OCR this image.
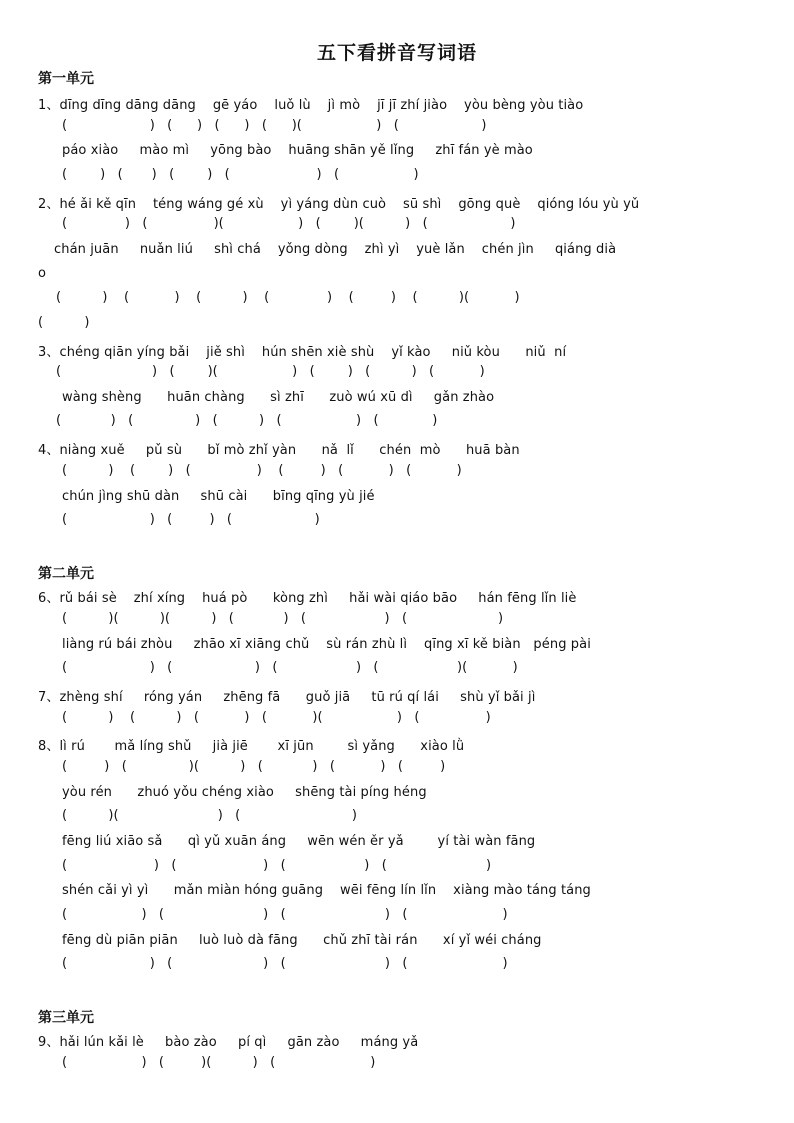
五下看拼音写词语
第一单元
1、dīng dīng dāng dāng    gē yáo    luǒ lù    jì mò    jī jī zhí jiào    yòu bèng yòu tiào
(                    )   (      )   (      )   (      )(                  )   (                    )
páo xiào     mào mì     yōng bào    huāng shān yě lǐng     zhī fán yè mào
(        )   (       )   (        )   (                     )   (                  )
2、hé ǎi kě qīn    téng wáng gé xù    yì yáng dùn cuò    sū shì    gōng què    qióng lóu yù yǔ
(              )   (                )(                  )   (        )(          )   (                    )
chán juān     nuǎn liú     shì chá    yǒng dòng    zhì yì    yuè lǎn    chén jìn     qiáng dià
o
(          )    (           )    (          )    (              )    (         )    (          )(           )
(          )
3、chéng qiān yíng bǎi    jiě shì    hún shēn xiè shù    yǐ kào     niǔ kòu      niǔ  ní
(                      )   (        )(                  )   (        )   (          )   (           )
wàng shèng      huān chàng      sì zhī      zuò wú xū dì     gǎn zhào
(            )   (               )   (          )   (                  )   (             )
4、niàng xuě     pǔ sù      bǐ mò zhǐ yàn      nǎ  lǐ      chén  mò      huā bàn
(          )    (        )   (                )    (         )   (           )   (           )
chún jìng shū dàn     shū cài      bīng qīng yù jié
(                    )   (         )   (                    )
第二单元
6、rǔ bái sè    zhí xíng    huá pò      kòng zhì     hǎi wài qiáo bāo     hán fēng lǐn liè
(          )(          )(          )   (            )   (                   )   (                      )
liàng rú bái zhòu     zhāo xī xiāng chǔ    sù rán zhù lì    qīng xī kě biàn   péng pài
(                    )   (                    )   (                   )   (                   )(           )
7、zhèng shí     róng yán     zhēng fā      guǒ jiā     tū rú qí lái     shù yǐ bǎi jì
(          )    (          )   (           )   (           )(                  )   (                )
8、lì rú       mǎ líng shǔ     jià jiē       xī jūn        sì yǎng      xiào lǜ
(         )   (               )(          )   (            )   (           )   (         )
yòu rén      zhuó yǒu chéng xiào     shēng tài píng héng
(          )(                        )   (                           )
fēng liú xiāo sǎ      qì yǔ xuān áng     wēn wén ěr yǎ        yí tài wàn fāng
(                     )   (                     )   (                   )   (                        )
shén cǎi yì yì      mǎn miàn hóng guāng    wēi fēng lín lǐn    xiàng mào táng táng
(                  )   (                        )   (                        )   (                       )
fēng dù piān piān     luò luò dà fāng      chǔ zhī tài rán      xí yǐ wéi cháng
(                    )   (                      )   (                        )   (                       )
第三单元
9、hǎi lún kǎi lè     bào zào     pí qì     gān zào     máng yǎ
(                  )   (         )(          )   (                       )
